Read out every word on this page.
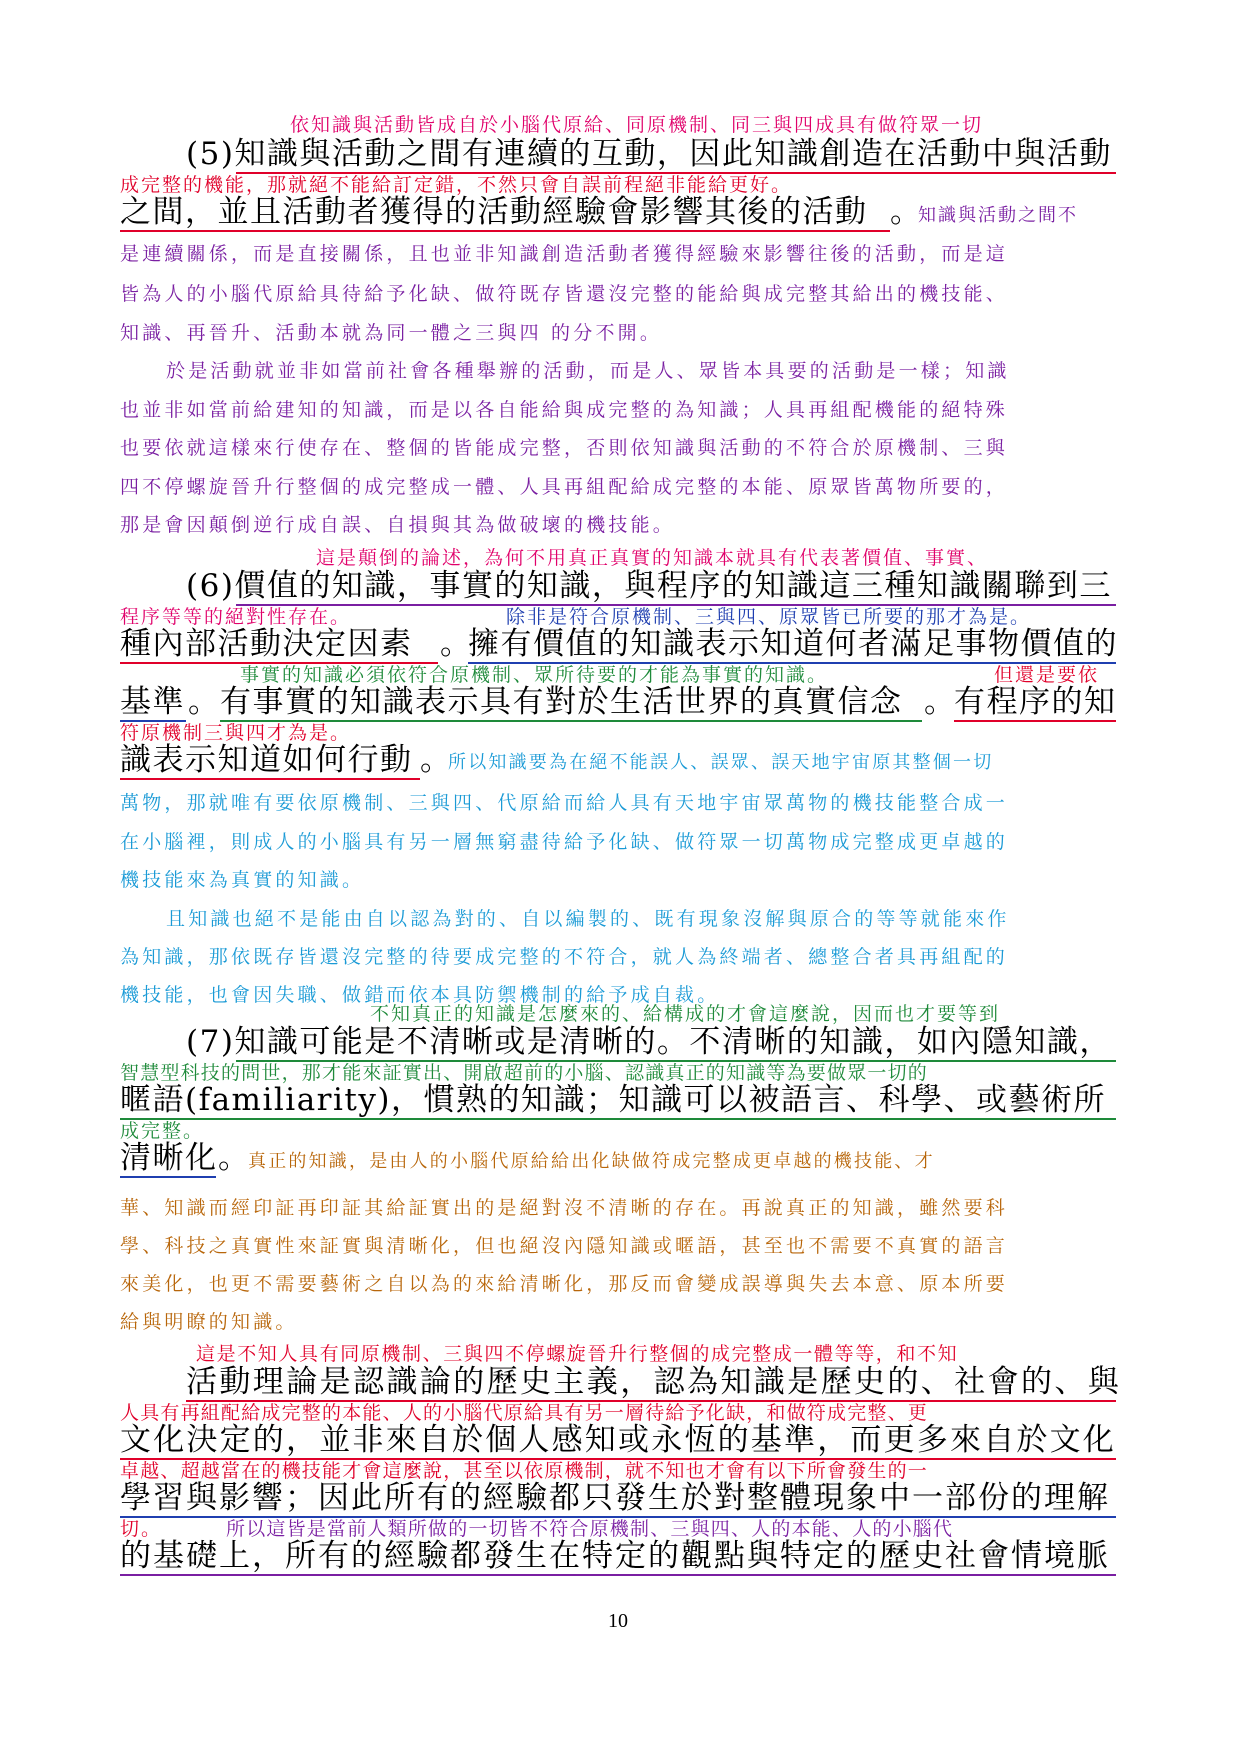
依知識與活動皆成自於小腦代原給、同原機制、同三與四成具有做符眾一切
(5)知識與活動之間有連續的互動，因此知識創造在活動中與活動
成完整的機能，那就絕不能給訂定錯，不然只會自誤前程絕非能給更好。
之間，並且活動者獲得的活動經驗會影響其後的活動 。
知識與活動之間不
是連續關係，而是直接關係，且也並非知識創造活動者獲得經驗來影響往後的活動，而是這
皆為人的小腦代原給具待給予化缺、做符既存皆還沒完整的能給與成完整其給出的機技能、
知識、再晉升、活動本就為同一體之三與四 的分不開。
於是活動就並非如當前社會各種舉辦的活動，而是人、眾皆本具要的活動是一樣；知識
也並非如當前給建知的知識，而是以各自能給與成完整的為知識；人具再組配機能的絕特殊
也要依就這樣來行使存在、整個的皆能成完整，否則依知識與活動的不符合於原機制、三與
四不停螺旋晉升行整個的成完整成一體、人具再組配給成完整的本能、原眾皆萬物所要的，
那是會因顛倒逆行成自誤、自損與其為做破壞的機技能。
這是顛倒的論述，為何不用真正真實的知識本就具有代表著價值、事實、
(6)價值的知識，事實的知識，與程序的知識這三種知識關聯到三
程序等等的絕對性存在。	除非是符合原機制、三與四、原眾皆已所要的那才為是。
種內部活動決定因素 。
擁有價值的知識表示知道何者滿足事物價值的
事實的知識必須依符合原機制、眾所待要的才能為事實的知識。	但還是要依
基準 。 有事實的知識表示具有對於生活世界的真實信念 。
有程序的知
符原機制三與四才為是。
識表示知道如何行動 。
所以知識要為在絕不能誤人、誤眾、誤天地宇宙原其整個一切
萬物，那就唯有要依原機制、三與四、代原給而給人具有天地宇宙眾萬物的機技能整合成一
在小腦裡，則成人的小腦具有另一層無窮盡待給予化缺、做符眾一切萬物成完整成更卓越的
機技能來為真實的知識。
且知識也絕不是能由自以認為對的、自以編製的、既有現象沒解與原合的等等就能來作
為知識，那依既存皆還沒完整的待要成完整的不符合，就人為終端者、總整合者具再組配的
機技能，也會因失職、做錯而依本具防禦機制的給予成自裁。
不知真正的知識是怎麼來的、給構成的才會這麼說，因而也才要等到
(7)知識可能是不清晰或是清晰的。不清晰的知識，如內隱知識，
智慧型科技的問世，那才能來証實出、開啟超前的小腦、認識真正的知識等為要做眾一切的
暱語(familiarity)，慣熟的知識；知識可以被語言、科學、或藝術所
成完整。
清晰化 。
真正的知識，是由人的小腦代原給給出化缺做符成完整成更卓越的機技能、才
華、知識而經印証再印証其給証實出的是絕對沒不清晰的存在。再說真正的知識，雖然要科
學、科技之真實性來証實與清晰化，但也絕沒內隱知識或暱語，甚至也不需要不真實的語言
來美化，也更不需要藝術之自以為的來給清晰化，那反而會變成誤導與失去本意、原本所要
給與明瞭的知識。
這是不知人具有同原機制、三與四不停螺旋晉升行整個的成完整成一體等等，和不知
活動理論是認識論的歷史主義，認為知識是歷史的、社會的、與
人具有再組配給成完整的本能、人的小腦代原給具有另一層待給予化缺，和做符成完整、更
文化決定的，並非來自於個人感知或永恆的基準，而更多來自於文化
卓越、超越當在的機技能才會這麼說，甚至以依原機制，就不知也才會有以下所會發生的一
學習與影響；因此所有的經驗都只發生於對整體現象中一部份的理解
切。	所以這皆是當前人類所做的一切皆不符合原機制、三與四、人的本能、人的小腦代
的基礎上，所有的經驗都發生在特定的觀點與特定的歷史社會情境脈
10
